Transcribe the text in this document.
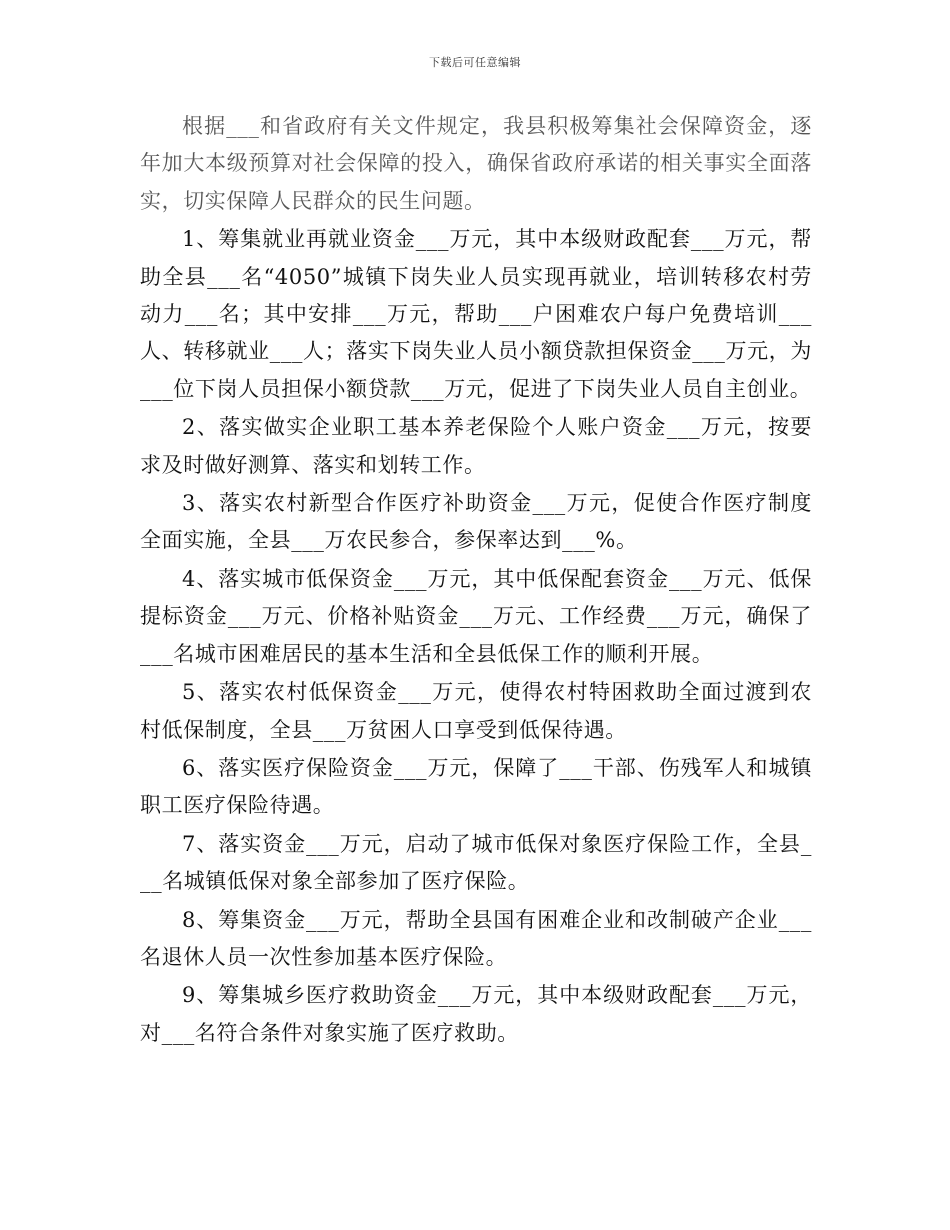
下载后可任意编辑

根据___和省政府有关文件规定，我县积极筹集社会保障资金，逐年加大本级预算对社会保障的投入，确保省政府承诺的相关事实全面落实，切实保障人民群众的民生问题。

1、筹集就业再就业资金___万元，其中本级财政配套___万元，帮助全县___名“4050”城镇下岗失业人员实现再就业，培训转移农村劳动力___名；其中安排___万元，帮助___户困难农户每户免费培训___人、转移就业___人；落实下岗失业人员小额贷款担保资金___万元，为___位下岗人员担保小额贷款___万元，促进了下岗失业人员自主创业。

2、落实做实企业职工基本养老保险个人账户资金___万元，按要求及时做好测算、落实和划转工作。

3、落实农村新型合作医疗补助资金___万元，促使合作医疗制度全面实施，全县___万农民参合，参保率达到___%。

4、落实城市低保资金___万元，其中低保配套资金___万元、低保提标资金___万元、价格补贴资金___万元、工作经费___万元，确保了___名城市困难居民的基本生活和全县低保工作的顺利开展。

5、落实农村低保资金___万元，使得农村特困救助全面过渡到农村低保制度，全县___万贫困人口享受到低保待遇。

6、落实医疗保险资金___万元，保障了___干部、伤残军人和城镇职工医疗保险待遇。

7、落实资金___万元，启动了城市低保对象医疗保险工作，全县___名城镇低保对象全部参加了医疗保险。

8、筹集资金___万元，帮助全县国有困难企业和改制破产企业___名退休人员一次性参加基本医疗保险。

9、筹集城乡医疗救助资金___万元，其中本级财政配套___万元，对___名符合条件对象实施了医疗救助。
